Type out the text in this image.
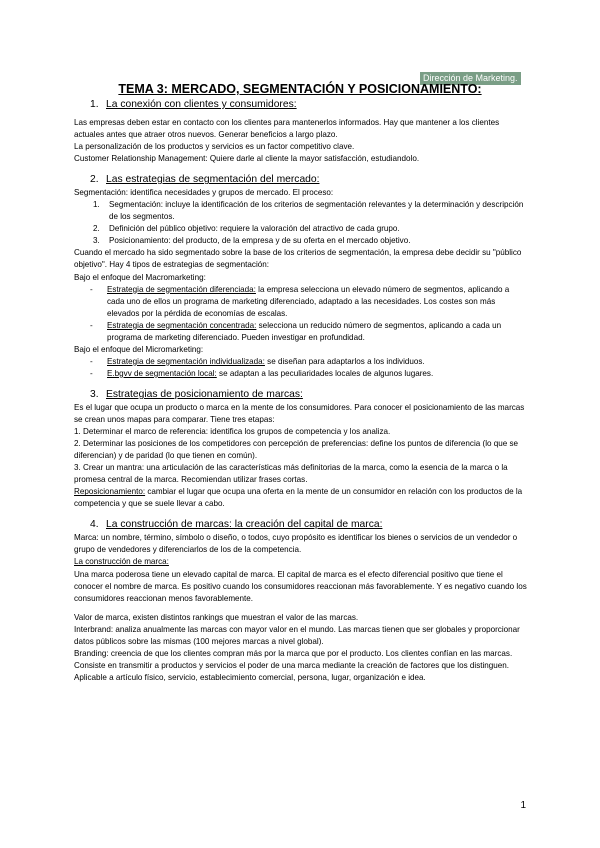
Dirección de Marketing.
TEMA 3: MERCADO, SEGMENTACIÓN Y POSICIONAMIENTO:
1. La conexión con clientes y consumidores:

Las empresas deben estar en contacto con los clientes para mantenerlos informados. Hay que mantener a los clientes actuales antes que atraer otros nuevos. Generar beneficios a largo plazo.

La personalización de los productos y servicios es un factor competitivo clave.

Customer Relationship Management: Quiere darle al cliente la mayor satisfacción, estudiandolo.

2. Las estrategias de segmentación del mercado:

Segmentación: identifica necesidades y grupos de mercado. El proceso:

1. Segmentación: incluye la identificación de los criterios de segmentación relevantes y la determinación y descripción de los segmentos.
2. Definición del público objetivo: requiere la valoración del atractivo de cada grupo.
3. Posicionamiento: del producto, de la empresa y de su oferta en el mercado objetivo.

Cuando el mercado ha sido segmentado sobre la base de los criterios de segmentación, la empresa debe decidir su "público objetivo". Hay 4 tipos de estrategias de segmentación:

Bajo el enfoque del Macromarketing:

- Estrategia de segmentación diferenciada: la empresa selecciona un elevado número de segmentos, aplicando a cada uno de ellos un programa de marketing diferenciado, adaptado a las necesidades. Los costes son más elevados por la pérdida de economías de escalas.
- Estrategia de segmentación concentrada: selecciona un reducido número de segmentos, aplicando a cada un programa de marketing diferenciado. Pueden investigar en profundidad.

Bajo el enfoque del Micromarketing:

- Estrategia de segmentación individualizada: se diseñan para adaptarlos a los individuos.
- E.bgvv de segmentación local: se adaptan a las peculiaridades locales de algunos lugares.
3. Estrategias de posicionamiento de marcas:

Es el lugar que ocupa un producto o marca en la mente de los consumidores. Para conocer el posicionamiento de las marcas se crean unos mapas para comparar. Tiene tres etapas:

1. Determinar el marco de referencia: identifica los grupos de competencia y los analiza.

2. Determinar las posiciones de los competidores con percepción de preferencias: define los puntos de diferencia (lo que se diferencian) y de paridad (lo que tienen en común).

3. Crear un mantra: una articulación de las características más definitorias de la marca, como la esencia de la marca o la promesa central de la marca. Recomiendan utilizar frases cortas.

Reposicionamiento: cambiar el lugar que ocupa una oferta en la mente de un consumidor en relación con los productos de la competencia y que se suele llevar a cabo.

4. La construcción de marcas: la creación del capital de marca:

Marca: un nombre, término, símbolo o diseño, o todos, cuyo propósito es identificar los bienes o servicios de un vendedor o grupo de vendedores y diferenciarlos de los de la competencia.

La construcción de marca:

Una marca poderosa tiene un elevado capital de marca. El capital de marca es el efecto diferencial positivo que tiene el conocer el nombre de marca. Es positivo cuando los consumidores reaccionan más favorablemente. Y es negativo cuando los consumidores reaccionan menos favorablemente.

Valor de marca, existen distintos rankings que muestran el valor de las marcas.

Interbrand: analiza anualmente las marcas con mayor valor en el mundo. Las marcas tienen que ser globales y proporcionar datos públicos sobre las mismas (100 mejores marcas a nivel global).

Branding: creencia de que los clientes compran más por la marca que por el producto. Los clientes confían en las marcas. Consiste en transmitir a productos y servicios el poder de una marca mediante la creación de factores que los distinguen.

Aplicable a artículo físico, servicio, establecimiento comercial, persona, lugar, organización e idea.

1
